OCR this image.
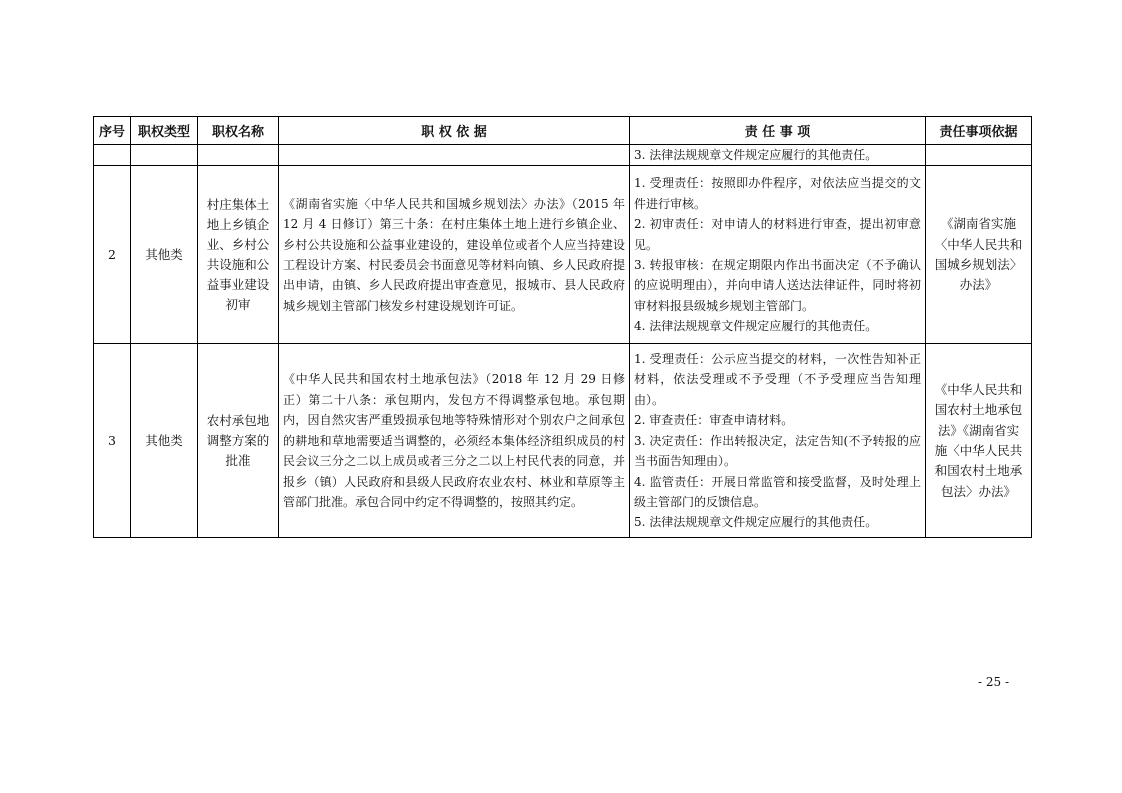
序号	职权类型	职权名称	职 权 依 据	责 任 事 项	责任事项依据
				3. 法律法规规章文件规定应履行的其他责任。	
2	其他类	村庄集体土地上乡镇企业、乡村公共设施和公益事业建设初审	《湖南省实施〈中华人民共和国城乡规划法〉办法》（2015 年 12 月 4 日修订）第三十条：在村庄集体土地上进行乡镇企业、乡村公共设施和公益事业建设的，建设单位或者个人应当持建设工程设计方案、村民委员会书面意见等材料向镇、乡人民政府提出申请，由镇、乡人民政府提出审查意见，报城市、县人民政府城乡规划主管部门核发乡村建设规划许可证。	1. 受理责任：按照即办件程序，对依法应当提交的文件进行审核。
2. 初审责任：对申请人的材料进行审查，提出初审意见。
3. 转报审核：在规定期限内作出书面决定（不予确认的应说明理由），并向申请人送达法律证件，同时将初审材料报县级城乡规划主管部门。
4. 法律法规规章文件规定应履行的其他责任。	《湖南省实施〈中华人民共和国城乡规划法〉办法》
3	其他类	农村承包地调整方案的批准	《中华人民共和国农村土地承包法》（2018 年 12 月 29 日修正）第二十八条：承包期内，发包方不得调整承包地。承包期内，因自然灾害严重毁损承包地等特殊情形对个别农户之间承包的耕地和草地需要适当调整的，必须经本集体经济组织成员的村民会议三分之二以上成员或者三分之二以上村民代表的同意，并报乡（镇）人民政府和县级人民政府农业农村、林业和草原等主管部门批准。承包合同中约定不得调整的，按照其约定。	1. 受理责任：公示应当提交的材料，一次性告知补正材料，依法受理或不予受理（不予受理应当告知理由）。
2. 审查责任：审查申请材料。
3. 决定责任：作出转报决定，法定告知(不予转报的应当书面告知理由）。
4. 监管责任：开展日常监管和接受监督，及时处理上级主管部门的反馈信息。
5. 法律法规规章文件规定应履行的其他责任。	《中华人民共和国农村土地承包法》《湖南省实施〈中华人民共和国农村土地承包法〉办法》
- 25 -
